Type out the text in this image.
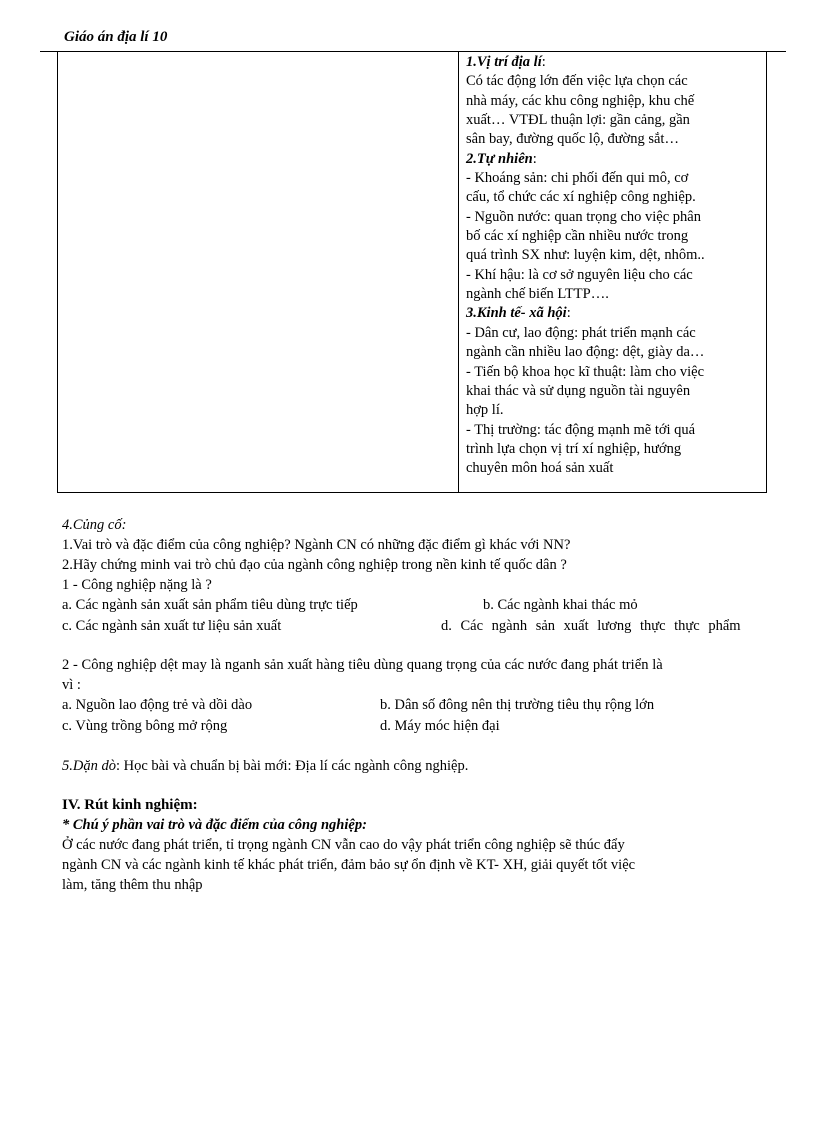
Giáo án địa lí 10
1.Vị trí địa lí:
Có tác động lớn đến việc lựa chọn các
nhà máy, các khu công nghiệp, khu chế
xuất… VTĐL thuận lợi: gần cảng, gần
sân bay, đường quốc lộ, đường sắt…
2.Tự nhiên:
- Khoáng sản: chi phối đến qui mô, cơ
cấu, tổ chức các xí nghiệp công nghiệp.
- Nguồn nước: quan trọng cho việc phân
bố các xí nghiệp cần nhiều nước trong
quá trình SX như: luyện kim, dệt, nhôm..
- Khí hậu: là cơ sở nguyên liệu cho các
ngành chế biến LTTP….
3.Kinh tế- xã hội:
- Dân cư, lao động: phát triển mạnh các
ngành cần nhiều lao động: dệt, giày da…
- Tiến bộ khoa học kĩ thuật: làm cho việc
khai thác và sử dụng nguồn tài nguyên
hợp lí.
- Thị trường: tác động mạnh mẽ tới quá
trình lựa chọn vị trí xí nghiệp, hướng
chuyên môn hoá sản xuất
4.Củng cố:
1.Vai trò và đặc điểm của công nghiệp? Ngành CN có những đặc điểm gì khác với NN?
2.Hãy chứng minh vai trò chủ đạo của ngành công nghiệp trong nền kinh tế quốc dân ?
1 - Công nghiệp nặng là ?
a. Các ngành sản xuất sản phẩm tiêu dùng trực tiếp	b. Các ngành khai thác mỏ
c. Các ngành sản xuất tư liệu sản xuất	d. Các ngành sản xuất lương thực thực phẩm
2 - Công nghiệp dệt may là nganh sản xuất hàng tiêu dùng quang trọng của các nước đang phát triển là
vì :
a. Nguồn lao động trẻ và dồi dào	b. Dân số đông nên thị trường tiêu thụ rộng lớn
c. Vùng trồng bông mở rộng	d. Máy móc hiện đại
5.Dặn dò: Học bài và chuẩn bị bài mới: Địa lí các ngành công nghiệp.
IV. Rút kinh nghiệm:
* Chú ý phần vai trò và đặc điểm của công nghiệp:
Ở các nước đang phát triển, tỉ trọng ngành CN vẫn cao do vậy phát triển công nghiệp sẽ thúc đẩy
ngành CN và các ngành kinh tế khác phát triển, đảm bảo sự ổn định về KT- XH, giải quyết tốt việc
làm, tăng thêm thu nhập
